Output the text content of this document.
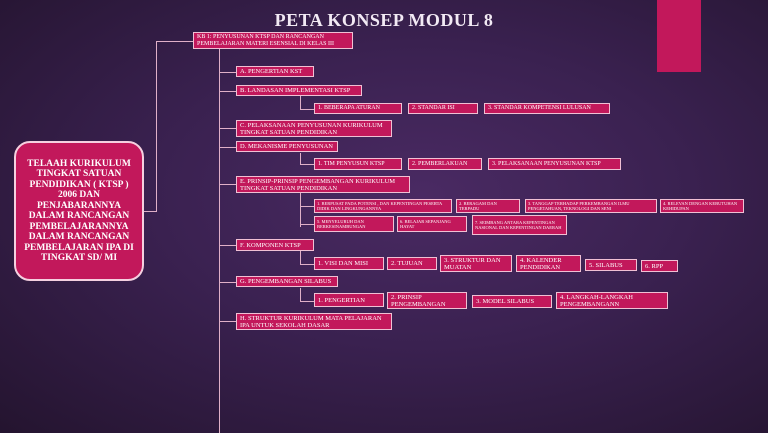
PETA KONSEP MODUL 8
TELAAH KURIKULUM TINGKAT SATUAN PENDIDIKAN ( KTSP ) 2006 DAN PENJABARANNYA DALAM RANCANGAN PEMBELAJARANNYA DALAM RANCANGAN PEMBELAJARAN IPA DI TINGKAT SD/ MI
KB 1: PENYUSUNAN KTSP DAN RANCANGAN PEMBELAJARAN MATERI ESENSIAL DI KELAS III
A. PENGERTIAN KST
B. LANDASAN IMPLEMENTASI KTSP
C. PELAKSANAAN PENYUSUNAN KURIKULUM TINGKAT SATUAN PENDIDIKAN
D. MEKANISME PENYUSUNAN
E. PRINSIP-PRINSIP PENGEMBANGAN KURIKULUM TINGKAT SATUAN PENDIDIKAN
F. KOMPONEN KTSP
G. PENGEMBANGAN SILABUS
H. STRUKTUR KURIKULUM MATA PELAJARAN IPA UNTUK SEKOLAH DASAR
1. BEBERAPA ATURAN	2. STANDAR ISI	3. STANDAR KOMPETENSI LULUSAN
1. TIM PENYUSUN KTSP	2. PEMBERLAKUAN	3. PELAKSANAAN PENYUSUNAN KTSP
1. BERPUSAT PADA POTENSI , DAN KEPENTINGAN PESERTA DIDIK DAN LINGKUNGANNYA
2. BERAGAM DAN TERPADU
3. TANGGAP TERHADAP PERKEMBANGAN ILMU PENGETAHUAN, TEKNOLOGI DAN SENI
4. RELEVAN DENGAN KEBUTUHAN KEHIDUPAN
5. MENYELURUH DAN BERKESINAMBUNGAN
6. BELAJAR SEPANJANG HAYAT
7. SEIMBANG ANTARA KEPENTINGAN NASIONAL DAN KEPENTINGAN DAERAH
1. VISI DAN MISI	2. TUJUAN	3. STRUKTUR DAN MUATAN
4. KALENDER PENDIDIKAN	5. SILABUS	6. RPP
1. PENGERTIAN	2. PRINSIP PENGEMBANGAN	3. MODEL SILABUS
4. LANGKAH-LANGKAH PENGEMBANGANN
